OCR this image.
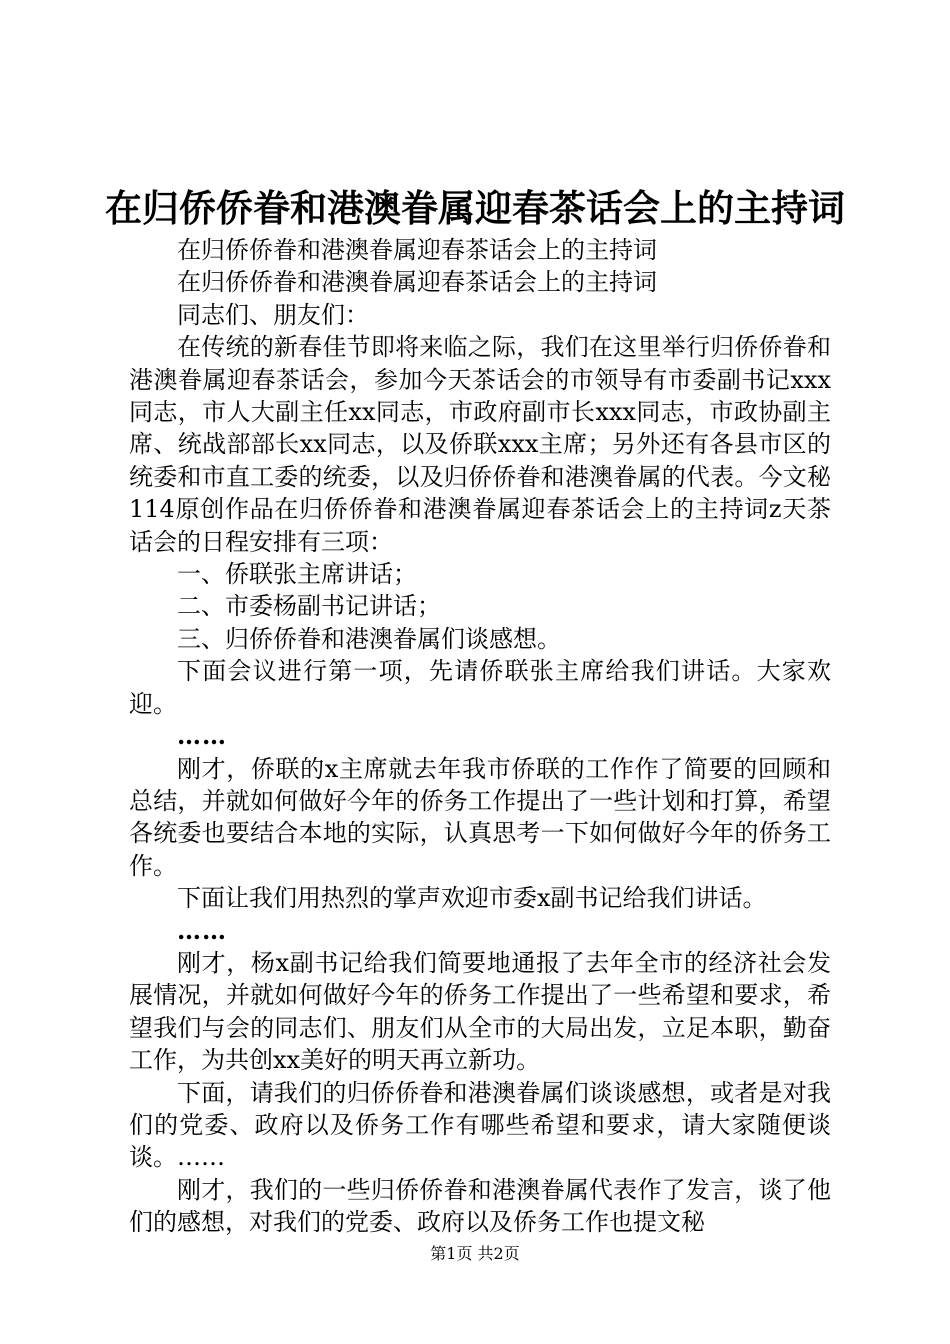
在归侨侨眷和港澳眷属迎春茶话会上的主持词

在归侨侨眷和港澳眷属迎春茶话会上的主持词

在归侨侨眷和港澳眷属迎春茶话会上的主持词

同志们、朋友们：

在传统的新春佳节即将来临之际，我们在这里举行归侨侨眷和港澳眷属迎春茶话会，参加今天茶话会的市领导有市委副书记xxx同志，市人大副主任xx同志，市政府副市长xxx同志，市政协副主席、统战部部长xx同志，以及侨联xxx主席；另外还有各县市区的统委和市直工委的统委，以及归侨侨眷和港澳眷属的代表。今文秘114原创作品在归侨侨眷和港澳眷属迎春茶话会上的主持词z天茶话会的日程安排有三项：

一、侨联张主席讲话；

二、市委杨副书记讲话；

三、归侨侨眷和港澳眷属们谈感想。

下面会议进行第一项，先请侨联张主席给我们讲话。大家欢迎。

……

刚才，侨联的x主席就去年我市侨联的工作作了简要的回顾和总结，并就如何做好今年的侨务工作提出了一些计划和打算，希望各统委也要结合本地的实际，认真思考一下如何做好今年的侨务工作。

下面让我们用热烈的掌声欢迎市委x副书记给我们讲话。

……

刚才，杨x副书记给我们简要地通报了去年全市的经济社会发展情况，并就如何做好今年的侨务工作提出了一些希望和要求，希望我们与会的同志们、朋友们从全市的大局出发，立足本职，勤奋工作，为共创xx美好的明天再立新功。

下面，请我们的归侨侨眷和港澳眷属们谈谈感想，或者是对我们的党委、政府以及侨务工作有哪些希望和要求，请大家随便谈谈。……

刚才，我们的一些归侨侨眷和港澳眷属代表作了发言，谈了他们的感想，对我们的党委、政府以及侨务工作也提文秘

第1页 共2页
